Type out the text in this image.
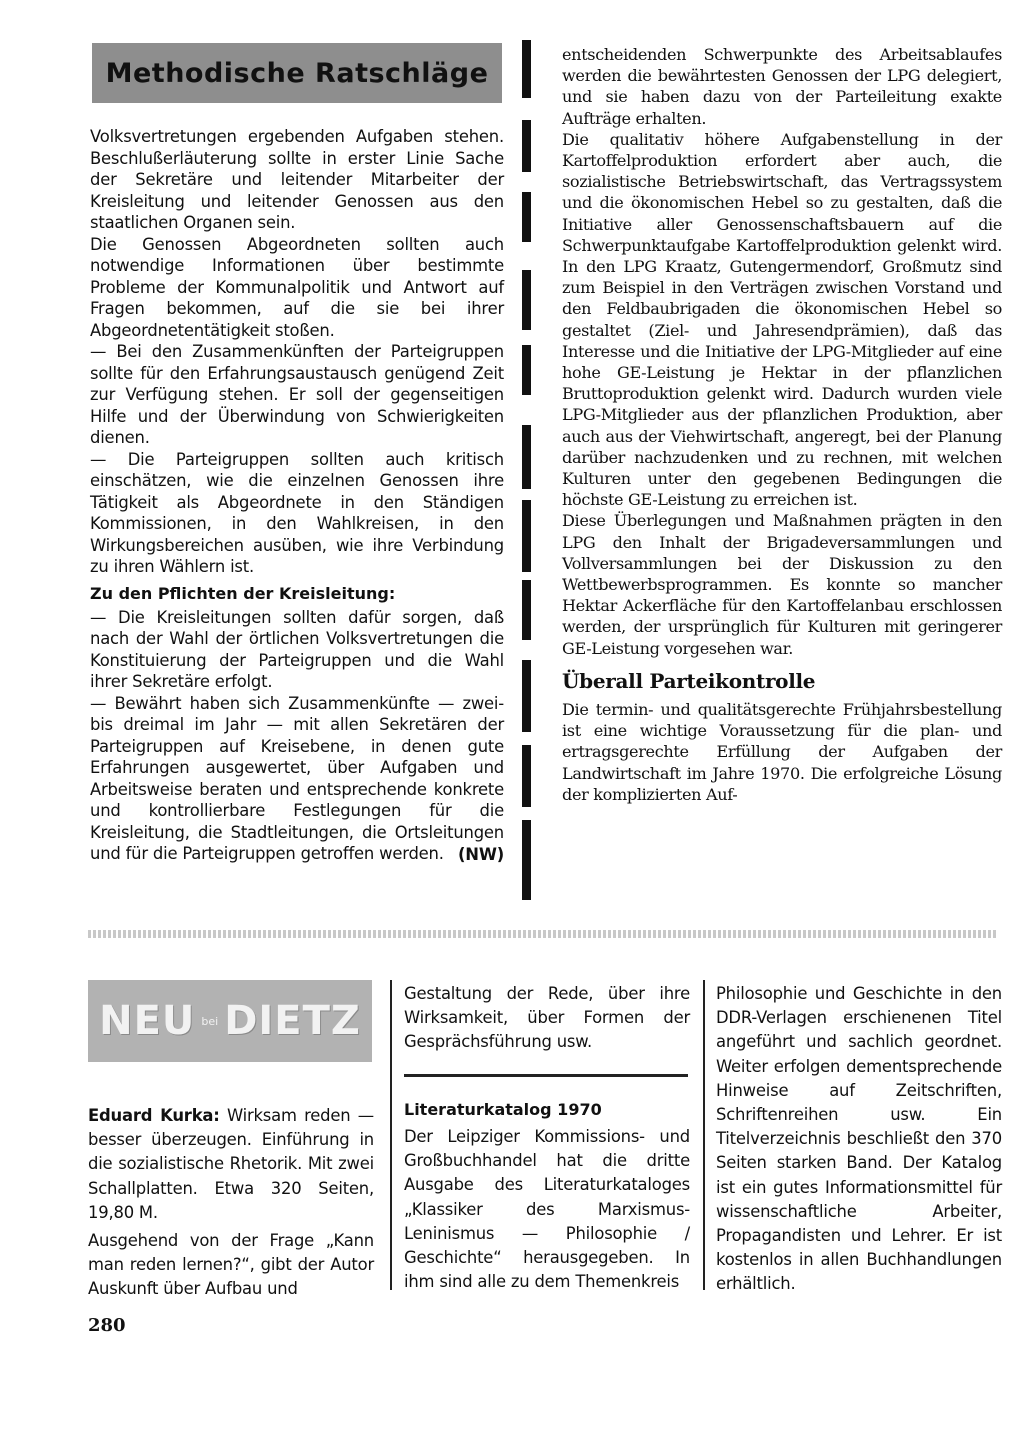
Methodische Ratschläge

Volksvertretungen ergebenden Aufgaben stehen. Beschlußerläuterung sollte in erster Linie Sache der Sekretäre und leitender Mitarbeiter der Kreisleitung und leitender Genossen aus den staatlichen Organen sein.

Die Genossen Abgeordneten sollten auch notwendige Informationen über bestimmte Probleme der Kommunalpolitik und Antwort auf Fragen bekommen, auf die sie bei ihrer Abgeordnetentätigkeit stoßen.

— Bei den Zusammenkünften der Parteigruppen sollte für den Erfahrungsaustausch genügend Zeit zur Verfügung stehen. Er soll der gegenseitigen Hilfe und der Überwindung von Schwierigkeiten dienen.

— Die Parteigruppen sollten auch kritisch einschätzen, wie die einzelnen Genossen ihre Tätigkeit als Abgeordnete in den Ständigen Kommissionen, in den Wahlkreisen, in den Wirkungsbereichen ausüben, wie ihre Verbindung zu ihren Wählern ist.

Zu den Pflichten der Kreisleitung:

— Die Kreisleitungen sollten dafür sorgen, daß nach der Wahl der örtlichen Volksvertretungen die Konstituierung der Parteigruppen und die Wahl ihrer Sekretäre erfolgt.

— Bewährt haben sich Zusammenkünfte — zwei- bis dreimal im Jahr — mit allen Sekretären der Parteigruppen auf Kreisebene, in denen gute Erfahrungen ausgewertet, über Aufgaben und Arbeitsweise beraten und entsprechende konkrete und kontrollierbare Festlegungen für die Kreisleitung, die Stadtleitungen, die Ortsleitungen und für die Parteigruppen getroffen werden. (NW)

entscheidenden Schwerpunkte des Arbeitsablaufes werden die bewährtesten Genossen der LPG delegiert, und sie haben dazu von der Parteileitung exakte Aufträge erhalten.

Die qualitativ höhere Aufgabenstellung in der Kartoffelproduktion erfordert aber auch, die sozialistische Betriebswirtschaft, das Vertragssystem und die ökonomischen Hebel so zu gestalten, daß die Initiative aller Genossenschaftsbauern auf die Schwerpunktaufgabe Kartoffelproduktion gelenkt wird. In den LPG Kraatz, Gutengermendorf, Großmutz sind zum Beispiel in den Verträgen zwischen Vorstand und den Feldbaubrigaden die ökonomischen Hebel so gestaltet (Ziel- und Jahresendprämien), daß das Interesse und die Initiative der LPG-Mitglieder auf eine hohe GE-Leistung je Hektar in der pflanzlichen Bruttoproduktion gelenkt wird. Dadurch wurden viele LPG-Mitglieder aus der pflanzlichen Produktion, aber auch aus der Viehwirtschaft, angeregt, bei der Planung darüber nachzudenken und zu rechnen, mit welchen Kulturen unter den gegebenen Bedingungen die höchste GE-Leistung zu erreichen ist.

Diese Überlegungen und Maßnahmen prägten in den LPG den Inhalt der Brigadeversammlungen und Vollversammlungen bei der Diskussion zu den Wettbewerbsprogrammen. Es konnte so mancher Hektar Ackerfläche für den Kartoffelanbau erschlossen werden, der ursprünglich für Kulturen mit geringerer GE-Leistung vorgesehen war.

Überall Parteikontrolle

Die termin- und qualitätsgerechte Frühjahrsbestellung ist eine wichtige Voraussetzung für die plan- und ertragsgerechte Erfüllung der Aufgaben der Landwirtschaft im Jahre 1970. Die erfolgreiche Lösung der komplizierten Auf-

NEU bei DIETZ

Eduard Kurka: Wirksam reden — besser überzeugen. Einführung in die sozialistische Rhetorik. Mit zwei Schallplatten. Etwa 320 Seiten, 19,80 M.

Ausgehend von der Frage „Kann man reden lernen?“, gibt der Autor Auskunft über Aufbau und

Gestaltung der Rede, über ihre Wirksamkeit, über Formen der Gesprächsführung usw.

Literaturkatalog 1970

Der Leipziger Kommissions- und Großbuchhandel hat die dritte Ausgabe des Literaturkataloges „Klassiker des Marxismus-Leninismus — Philosophie / Geschichte“ herausgegeben. In ihm sind alle zu dem Themenkreis

Philosophie und Geschichte in den DDR-Verlagen erschienenen Titel angeführt und sachlich geordnet. Weiter erfolgen dementsprechende Hinweise auf Zeitschriften, Schriftenreihen usw. Ein Titelverzeichnis beschließt den 370 Seiten starken Band. Der Katalog ist ein gutes Informationsmittel für wissenschaftliche Arbeiter, Propagandisten und Lehrer. Er ist kostenlos in allen Buchhandlungen erhältlich.

280
